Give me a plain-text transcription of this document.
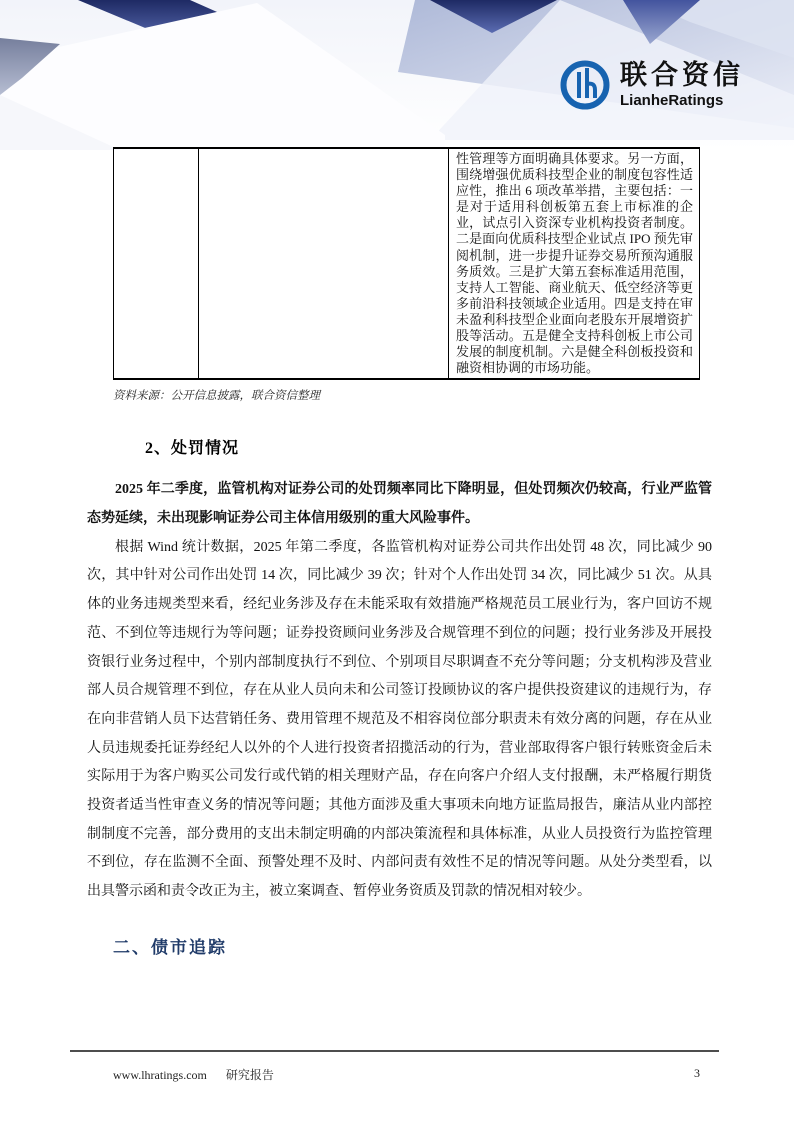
联合资信
LianheRatings
		性管理等方面明确具体要求。另一方面，围绕增强优质科技型企业的制度包容性适应性，推出 6 项改革举措，主要包括：一是对于适用科创板第五套上市标准的企业，试点引入资深专业机构投资者制度。二是面向优质科技型企业试点 IPO 预先审阅机制，进一步提升证券交易所预沟通服务质效。三是扩大第五套标准适用范围，支持人工智能、商业航天、低空经济等更多前沿科技领域企业适用。四是支持在审未盈利科技型企业面向老股东开展增资扩股等活动。五是健全支持科创板上市公司发展的制度机制。六是健全科创板投资和融资相协调的市场功能。
资料来源：公开信息披露，联合资信整理
2、处罚情况

2025 年二季度，监管机构对证券公司的处罚频率同比下降明显，但处罚频次仍较高，行业严监管态势延续，未出现影响证券公司主体信用级别的重大风险事件。

根据 Wind 统计数据，2025 年第二季度，各监管机构对证券公司共作出处罚 48 次，同比减少 90 次，其中针对公司作出处罚 14 次，同比减少 39 次；针对个人作出处罚 34 次，同比减少 51 次。从具体的业务违规类型来看，经纪业务涉及存在未能采取有效措施严格规范员工展业行为，客户回访不规范、不到位等违规行为等问题；证券投资顾问业务涉及合规管理不到位的问题；投行业务涉及开展投资银行业务过程中，个别内部制度执行不到位、个别项目尽职调查不充分等问题；分支机构涉及营业部人员合规管理不到位，存在从业人员向未和公司签订投顾协议的客户提供投资建议的违规行为，存在向非营销人员下达营销任务、费用管理不规范及不相容岗位部分职责未有效分离的问题，存在从业人员违规委托证券经纪人以外的个人进行投资者招揽活动的行为，营业部取得客户银行转账资金后未实际用于为客户购买公司发行或代销的相关理财产品，存在向客户介绍人支付报酬，未严格履行期货投资者适当性审查义务的情况等问题；其他方面涉及重大事项未向地方证监局报告，廉洁从业内部控制制度不完善，部分费用的支出未制定明确的内部决策流程和具体标准，从业人员投资行为监控管理不到位，存在监测不全面、预警处理不及时、内部问责有效性不足的情况等问题。从处分类型看，以出具警示函和责令改正为主，被立案调查、暂停业务资质及罚款的情况相对较少。

二、债市追踪
www.lhratings.com 研究报告	3
